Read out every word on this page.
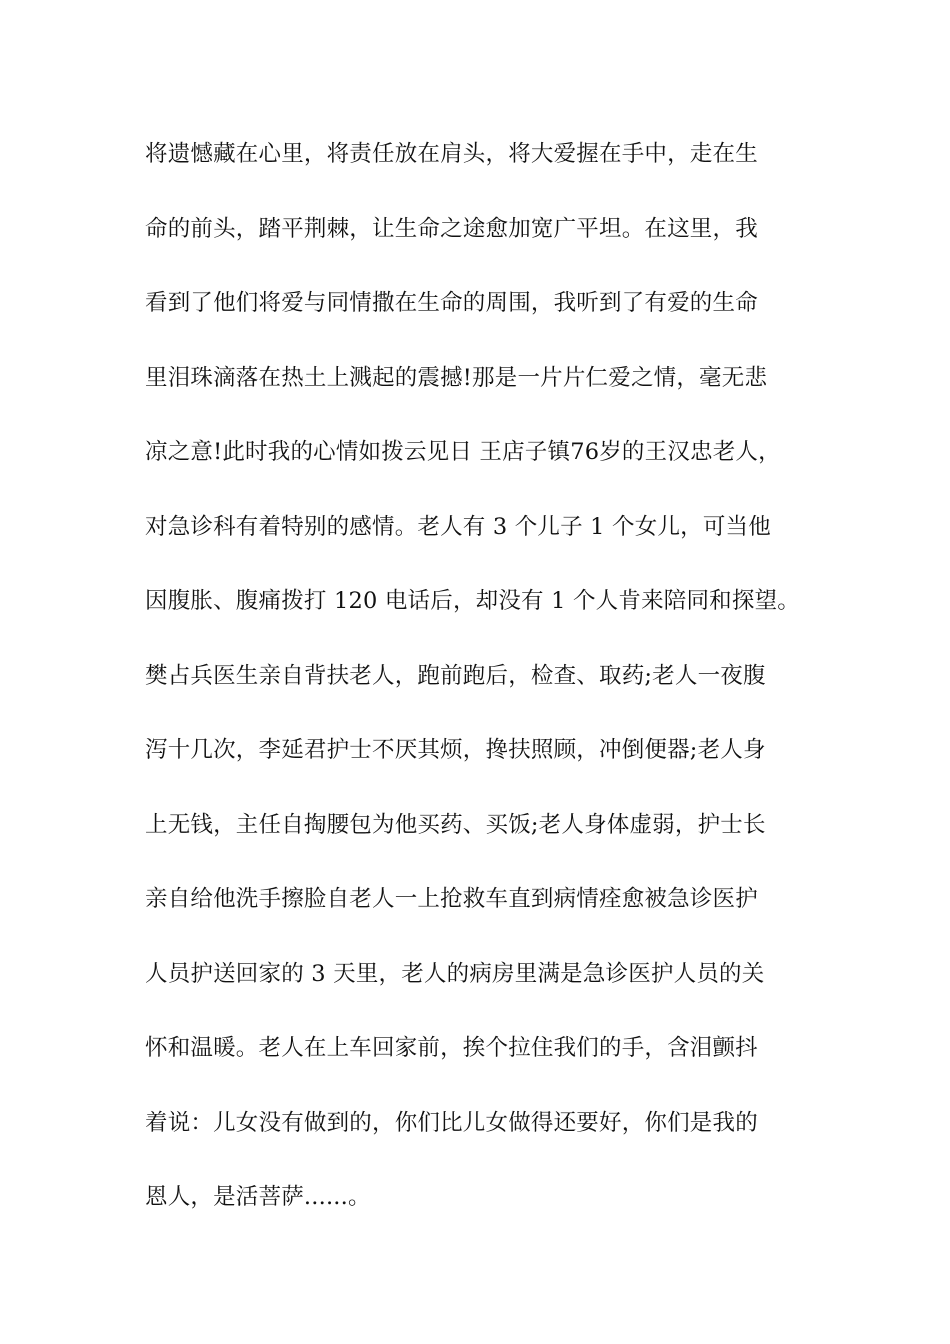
将遗憾藏在心里，将责任放在肩头，将大爱握在手中，走在生
命的前头，踏平荆棘，让生命之途愈加宽广平坦。在这里，我
看到了他们将爱与同情撒在生命的周围，我听到了有爱的生命
里泪珠滴落在热土上溅起的震撼!那是一片片仁爱之情，毫无悲
凉之意!此时我的心情如拨云见日 王店子镇76岁的王汉忠老人，
对急诊科有着特别的感情。老人有 3 个儿子 1 个女儿，可当他
因腹胀、腹痛拨打 120 电话后，却没有 1 个人肯来陪同和探望。
樊占兵医生亲自背扶老人，跑前跑后，检查、取药;老人一夜腹
泻十几次，李延君护士不厌其烦，搀扶照顾，冲倒便器;老人身
上无钱，主任自掏腰包为他买药、买饭;老人身体虚弱，护士长
亲自给他洗手擦脸自老人一上抢救车直到病情痊愈被急诊医护
人员护送回家的 3 天里，老人的病房里满是急诊医护人员的关
怀和温暖。老人在上车回家前，挨个拉住我们的手，含泪颤抖
着说：儿女没有做到的，你们比儿女做得还要好，你们是我的
恩人，是活菩萨......。
